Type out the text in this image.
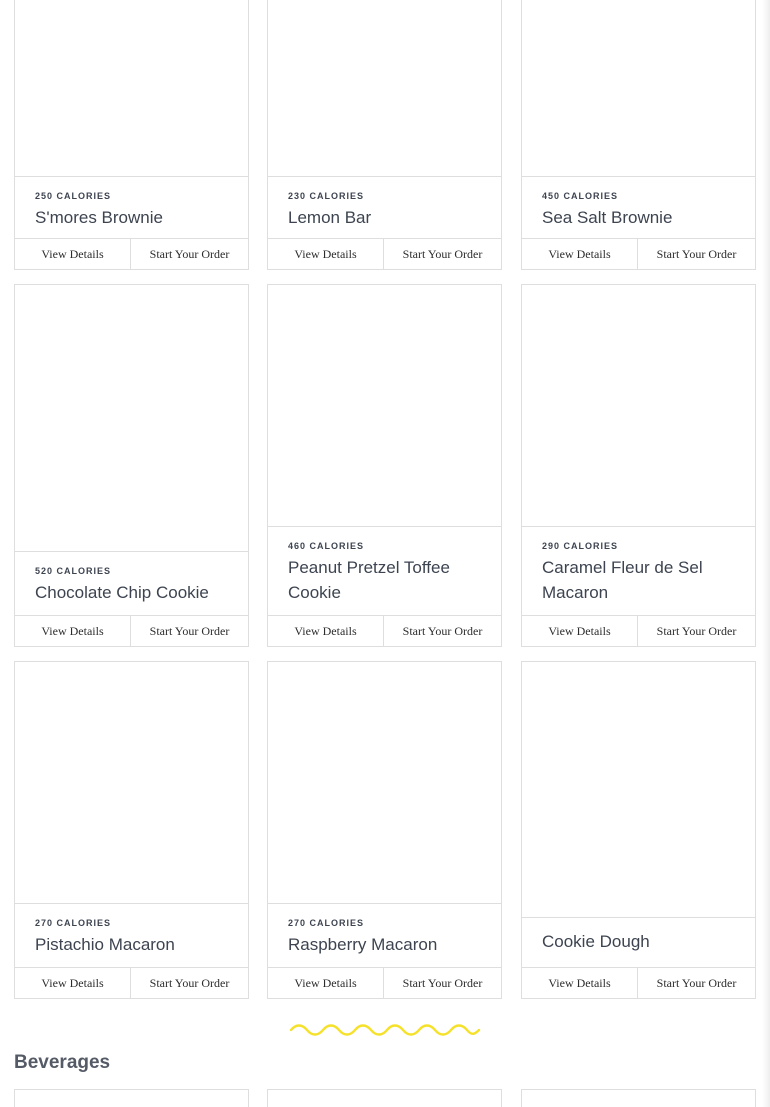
250 CALORIES
S'mores Brownie
View Details	Start Your Order
230 CALORIES
Lemon Bar
View Details	Start Your Order
450 CALORIES
Sea Salt Brownie
View Details	Start Your Order
520 CALORIES
Chocolate Chip Cookie
View Details	Start Your Order
460 CALORIES
Peanut Pretzel Toffee Cookie
View Details	Start Your Order
290 CALORIES
Caramel Fleur de Sel Macaron
View Details	Start Your Order
270 CALORIES
Pistachio Macaron
View Details	Start Your Order
270 CALORIES
Raspberry Macaron
View Details	Start Your Order
Cookie Dough
View Details	Start Your Order
Beverages
